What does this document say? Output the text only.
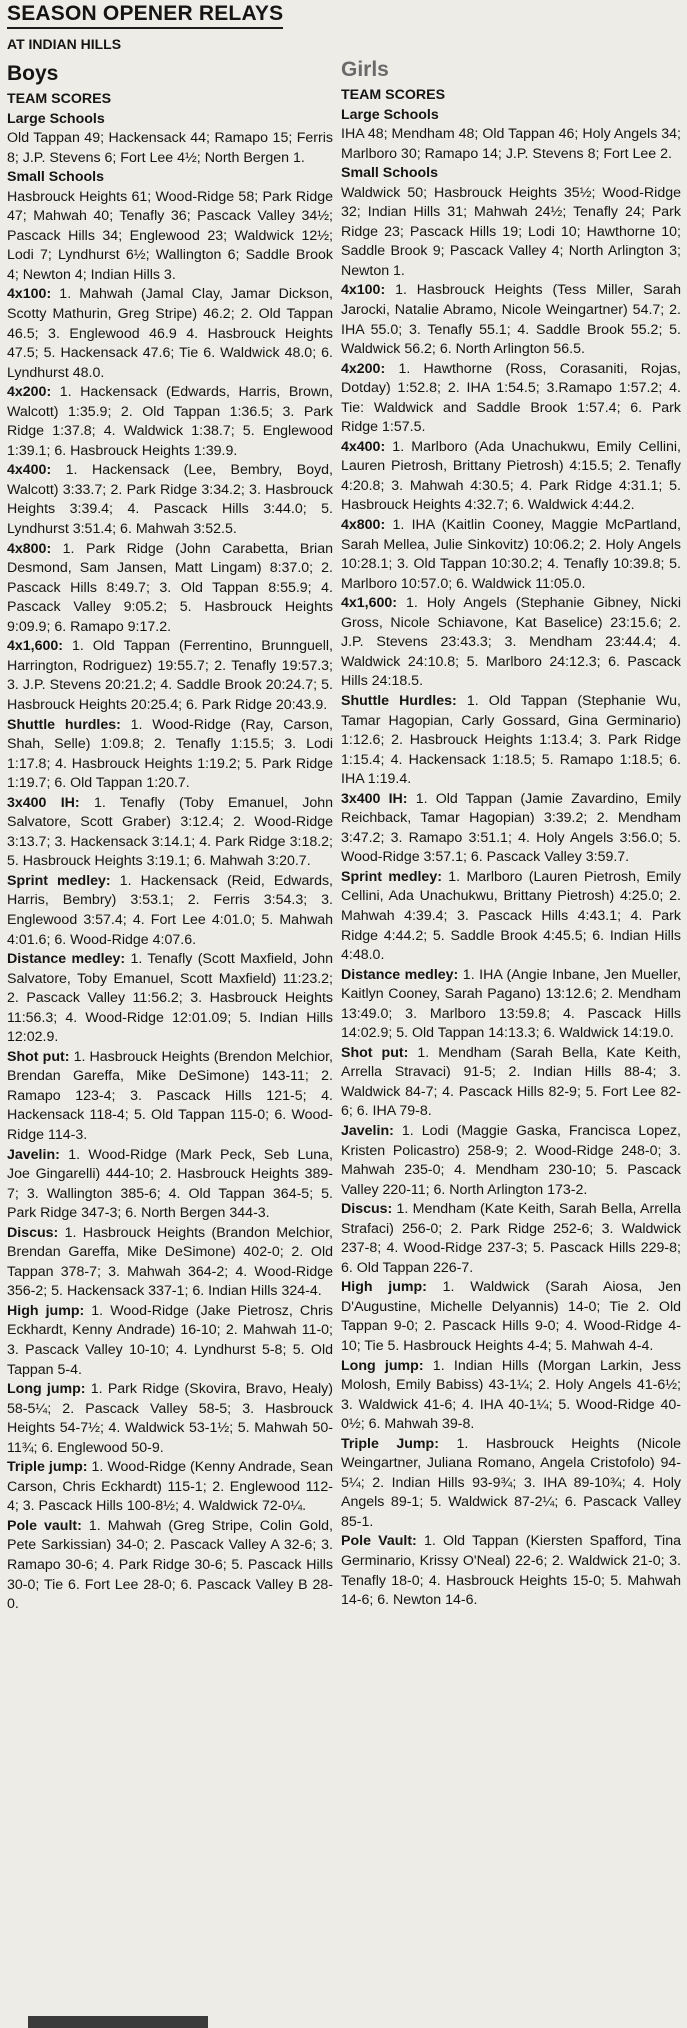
SEASON OPENER RELAYS
AT INDIAN HILLS
Boys
TEAM SCORES
Large Schools

Old Tappan 49; Hackensack 44; Ramapo 15; Ferris 8; J.P. Stevens 6; Fort Lee 4½; North Bergen 1.

Small Schools

Hasbrouck Heights 61; Wood-Ridge 58; Park Ridge 47; Mahwah 40; Tenafly 36; Pascack Valley 34½; Pascack Hills 34; Englewood 23; Waldwick 12½; Lodi 7; Lyndhurst 6½; Wallington 6; Saddle Brook 4; Newton 4; Indian Hills 3.

4x100: 1. Mahwah (Jamal Clay, Jamar Dickson, Scotty Mathurin, Greg Stripe) 46.2; 2. Old Tappan 46.5; 3. Englewood 46.9 4. Hasbrouck Heights 47.5; 5. Hackensack 47.6; Tie 6. Waldwick 48.0; 6. Lyndhurst 48.0.

4x200: 1. Hackensack (Edwards, Harris, Brown, Walcott) 1:35.9; 2. Old Tappan 1:36.5; 3. Park Ridge 1:37.8; 4. Waldwick 1:38.7; 5. Englewood 1:39.1; 6. Hasbrouck Heights 1:39.9.

4x400: 1. Hackensack (Lee, Bembry, Boyd, Walcott) 3:33.7; 2. Park Ridge 3:34.2; 3. Hasbrouck Heights 3:39.4; 4. Pascack Hills 3:44.0; 5. Lyndhurst 3:51.4; 6. Mahwah 3:52.5.

4x800: 1. Park Ridge (John Carabetta, Brian Desmond, Sam Jansen, Matt Lingam) 8:37.0; 2. Pascack Hills 8:49.7; 3. Old Tappan 8:55.9; 4. Pascack Valley 9:05.2; 5. Hasbrouck Heights 9:09.9; 6. Ramapo 9:17.2.

4x1,600: 1. Old Tappan (Ferrentino, Brunnguell, Harrington, Rodriguez) 19:55.7; 2. Tenafly 19:57.3; 3. J.P. Stevens 20:21.2; 4. Saddle Brook 20:24.7; 5. Hasbrouck Heights 20:25.4; 6. Park Ridge 20:43.9.

Shuttle hurdles: 1. Wood-Ridge (Ray, Carson, Shah, Selle) 1:09.8; 2. Tenafly 1:15.5; 3. Lodi 1:17.8; 4. Hasbrouck Heights 1:19.2; 5. Park Ridge 1:19.7; 6. Old Tappan 1:20.7.

3x400 IH: 1. Tenafly (Toby Emanuel, John Salvatore, Scott Graber) 3:12.4; 2. Wood-Ridge 3:13.7; 3. Hackensack 3:14.1; 4. Park Ridge 3:18.2; 5. Hasbrouck Heights 3:19.1; 6. Mahwah 3:20.7.

Sprint medley: 1. Hackensack (Reid, Edwards, Harris, Bembry) 3:53.1; 2. Ferris 3:54.3; 3. Englewood 3:57.4; 4. Fort Lee 4:01.0; 5. Mahwah 4:01.6; 6. Wood-Ridge 4:07.6.

Distance medley: 1. Tenafly (Scott Maxfield, John Salvatore, Toby Emanuel, Scott Maxfield) 11:23.2; 2. Pascack Valley 11:56.2; 3. Hasbrouck Heights 11:56.3; 4. Wood-Ridge 12:01.09; 5. Indian Hills 12:02.9.

Shot put: 1. Hasbrouck Heights (Brendon Melchior, Brendan Gareffa, Mike DeSimone) 143-11; 2. Ramapo 123-4; 3. Pascack Hills 121-5; 4. Hackensack 118-4; 5. Old Tappan 115-0; 6. Wood-Ridge 114-3.

Javelin: 1. Wood-Ridge (Mark Peck, Seb Luna, Joe Gingarelli) 444-10; 2. Hasbrouck Heights 389-7; 3. Wallington 385-6; 4. Old Tappan 364-5; 5. Park Ridge 347-3; 6. North Bergen 344-3.

Discus: 1. Hasbrouck Heights (Brandon Melchior, Brendan Gareffa, Mike DeSimone) 402-0; 2. Old Tappan 378-7; 3. Mahwah 364-2; 4. Wood-Ridge 356-2; 5. Hackensack 337-1; 6. Indian Hills 324-4.

High jump: 1. Wood-Ridge (Jake Pietrosz, Chris Eckhardt, Kenny Andrade) 16-10; 2. Mahwah 11-0; 3. Pascack Valley 10-10; 4. Lyndhurst 5-8; 5. Old Tappan 5-4.

Long jump: 1. Park Ridge (Skovira, Bravo, Healy) 58-5¼; 2. Pascack Valley 58-5; 3. Hasbrouck Heights 54-7½; 4. Waldwick 53-1½; 5. Mahwah 50-11¾; 6. Englewood 50-9.

Triple jump: 1. Wood-Ridge (Kenny Andrade, Sean Carson, Chris Eckhardt) 115-1; 2. Englewood 112-4; 3. Pascack Hills 100-8½; 4. Waldwick 72-0¼.

Pole vault: 1. Mahwah (Greg Stripe, Colin Gold, Pete Sarkissian) 34-0; 2. Pascack Valley A 32-6; 3. Ramapo 30-6; 4. Park Ridge 30-6; 5. Pascack Hills 30-0; Tie 6. Fort Lee 28-0; 6. Pascack Valley B 28-0.

Girls
TEAM SCORES
Large Schools

IHA 48; Mendham 48; Old Tappan 46; Holy Angels 34; Marlboro 30; Ramapo 14; J.P. Stevens 8; Fort Lee 2.

Small Schools

Waldwick 50; Hasbrouck Heights 35½; Wood-Ridge 32; Indian Hills 31; Mahwah 24½; Tenafly 24; Park Ridge 23; Pascack Hills 19; Lodi 10; Hawthorne 10; Saddle Brook 9; Pascack Valley 4; North Arlington 3; Newton 1.

4x100: 1. Hasbrouck Heights (Tess Miller, Sarah Jarocki, Natalie Abramo, Nicole Weingartner) 54.7; 2. IHA 55.0; 3. Tenafly 55.1; 4. Saddle Brook 55.2; 5. Waldwick 56.2; 6. North Arlington 56.5.

4x200: 1. Hawthorne (Ross, Corasaniti, Rojas, Dotday) 1:52.8; 2. IHA 1:54.5; 3.Ramapo 1:57.2; 4. Tie: Waldwick and Saddle Brook 1:57.4; 6. Park Ridge 1:57.5.

4x400: 1. Marlboro (Ada Unachukwu, Emily Cellini, Lauren Pietrosh, Brittany Pietrosh) 4:15.5; 2. Tenafly 4:20.8; 3. Mahwah 4:30.5; 4. Park Ridge 4:31.1; 5. Hasbrouck Heights 4:32.7; 6. Waldwick 4:44.2.

4x800: 1. IHA (Kaitlin Cooney, Maggie McPartland, Sarah Mellea, Julie Sinkovitz) 10:06.2; 2. Holy Angels 10:28.1; 3. Old Tappan 10:30.2; 4. Tenafly 10:39.8; 5. Marlboro 10:57.0; 6. Waldwick 11:05.0.

4x1,600: 1. Holy Angels (Stephanie Gibney, Nicki Gross, Nicole Schiavone, Kat Baselice) 23:15.6; 2. J.P. Stevens 23:43.3; 3. Mendham 23:44.4; 4. Waldwick 24:10.8; 5. Marlboro 24:12.3; 6. Pascack Hills 24:18.5.

Shuttle Hurdles: 1. Old Tappan (Stephanie Wu, Tamar Hagopian, Carly Gossard, Gina Germinario) 1:12.6; 2. Hasbrouck Heights 1:13.4; 3. Park Ridge 1:15.4; 4. Hackensack 1:18.5; 5. Ramapo 1:18.5; 6. IHA 1:19.4.

3x400 IH: 1. Old Tappan (Jamie Zavardino, Emily Reichback, Tamar Hagopian) 3:39.2; 2. Mendham 3:47.2; 3. Ramapo 3:51.1; 4. Holy Angels 3:56.0; 5. Wood-Ridge 3:57.1; 6. Pascack Valley 3:59.7.

Sprint medley: 1. Marlboro (Lauren Pietrosh, Emily Cellini, Ada Unachukwu, Brittany Pietrosh) 4:25.0; 2. Mahwah 4:39.4; 3. Pascack Hills 4:43.1; 4. Park Ridge 4:44.2; 5. Saddle Brook 4:45.5; 6. Indian Hills 4:48.0.

Distance medley: 1. IHA (Angie Inbane, Jen Mueller, Kaitlyn Cooney, Sarah Pagano) 13:12.6; 2. Mendham 13:49.0; 3. Marlboro 13:59.8; 4. Pascack Hills 14:02.9; 5. Old Tappan 14:13.3; 6. Waldwick 14:19.0.

Shot put: 1. Mendham (Sarah Bella, Kate Keith, Arrella Stravaci) 91-5; 2. Indian Hills 88-4; 3. Waldwick 84-7; 4. Pascack Hills 82-9; 5. Fort Lee 82-6; 6. IHA 79-8.

Javelin: 1. Lodi (Maggie Gaska, Francisca Lopez, Kristen Policastro) 258-9; 2. Wood-Ridge 248-0; 3. Mahwah 235-0; 4. Mendham 230-10; 5. Pascack Valley 220-11; 6. North Arlington 173-2.

Discus: 1. Mendham (Kate Keith, Sarah Bella, Arrella Strafaci) 256-0; 2. Park Ridge 252-6; 3. Waldwick 237-8; 4. Wood-Ridge 237-3; 5. Pascack Hills 229-8; 6. Old Tappan 226-7.

High jump: 1. Waldwick (Sarah Aiosa, Jen D'Augustine, Michelle Delyannis) 14-0; Tie 2. Old Tappan 9-0; 2. Pascack Hills 9-0; 4. Wood-Ridge 4-10; Tie 5. Hasbrouck Heights 4-4; 5. Mahwah 4-4.

Long jump: 1. Indian Hills (Morgan Larkin, Jess Molosh, Emily Babiss) 43-1¼; 2. Holy Angels 41-6½; 3. Waldwick 41-6; 4. IHA 40-1¼; 5. Wood-Ridge 40-0½; 6. Mahwah 39-8.

Triple Jump: 1. Hasbrouck Heights (Nicole Weingartner, Juliana Romano, Angela Cristofolo) 94-5¼; 2. Indian Hills 93-9¾; 3. IHA 89-10¾; 4. Holy Angels 89-1; 5. Waldwick 87-2¼; 6. Pascack Valley 85-1.

Pole Vault: 1. Old Tappan (Kiersten Spafford, Tina Germinario, Krissy O'Neal) 22-6; 2. Waldwick 21-0; 3. Tenafly 18-0; 4. Hasbrouck Heights 15-0; 5. Mahwah 14-6; 6. Newton 14-6.
